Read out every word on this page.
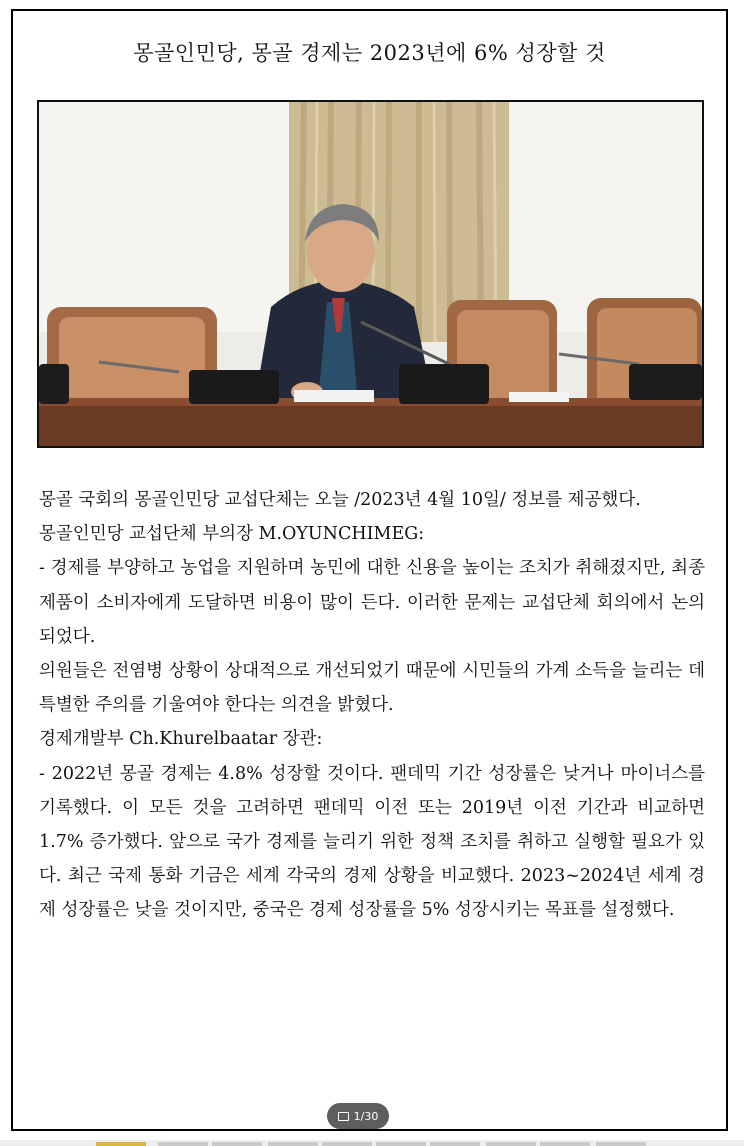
몽골인민당, 몽골 경제는 2023년에 6% 성장할 것

몽골 국회의 몽골인민당 교섭단체는 오늘 /2023년 4월 10일/ 정보를 제공했다.

몽골인민당 교섭단체 부의장 M.OYUNCHIMEG:

- 경제를 부양하고 농업을 지원하며 농민에 대한 신용을 높이는 조치가 취해졌지만, 최종 제품이 소비자에게 도달하면 비용이 많이 든다. 이러한 문제는 교섭단체 회의에서 논의되었다.

의원들은 전염병 상황이 상대적으로 개선되었기 때문에 시민들의 가계 소득을 늘리는 데 특별한 주의를 기울여야 한다는 의견을 밝혔다.

경제개발부 Ch.Khurelbaatar 장관:

- 2022년 몽골 경제는 4.8% 성장할 것이다. 팬데믹 기간 성장률은 낮거나 마이너스를 기록했다. 이 모든 것을 고려하면 팬데믹 이전 또는 2019년 이전 기간과 비교하면 1.7% 증가했다. 앞으로 국가 경제를 늘리기 위한 정책 조치를 취하고 실행할 필요가 있다. 최근 국제 통화 기금은 세계 각국의 경제 상황을 비교했다. 2023~2024년 세계 경제 성장률은 낮을 것이지만, 중국은 경제 성장률을 5% 성장시키는 목표를 설정했다.

1/30
